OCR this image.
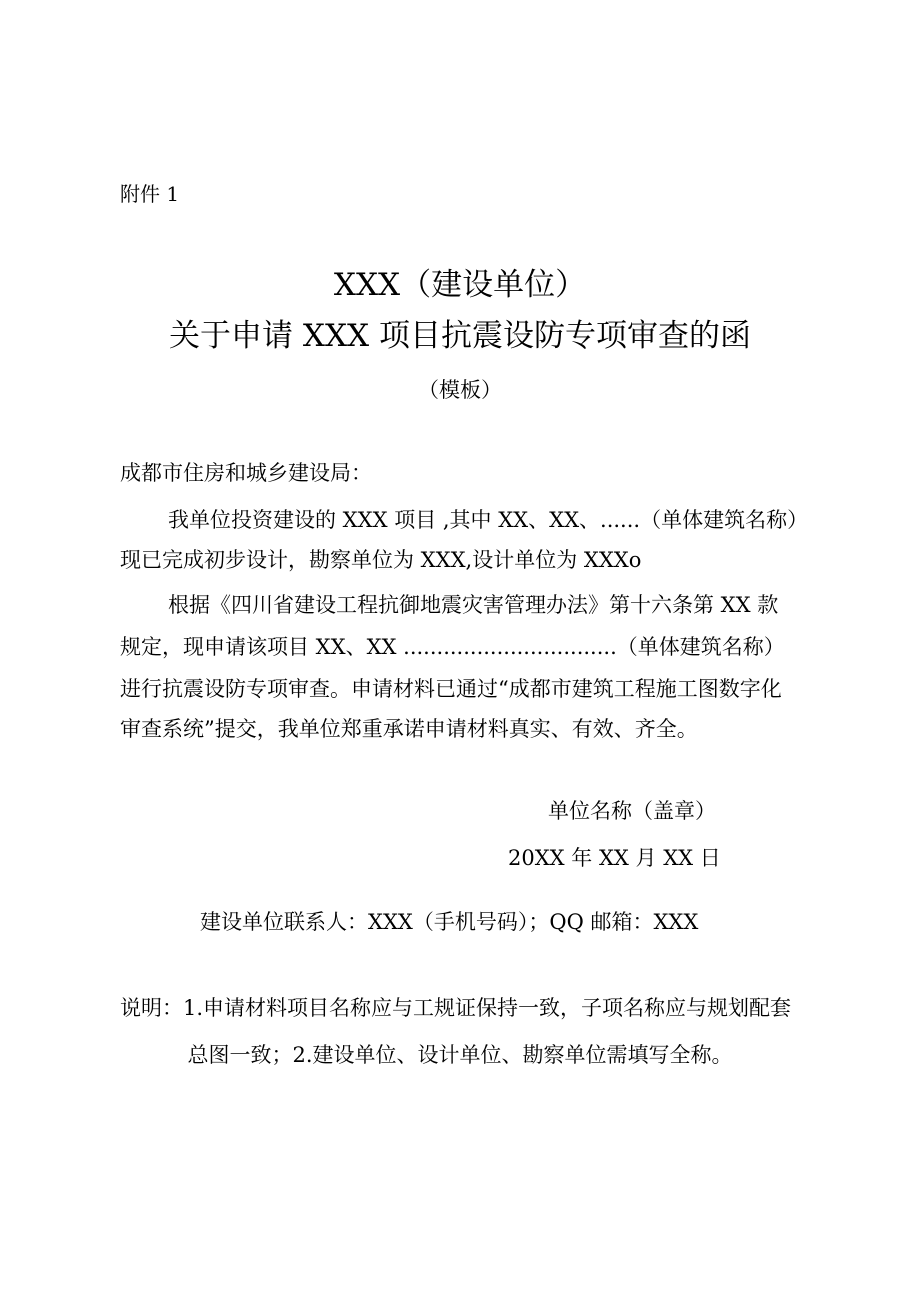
附件 1
XXX（建设单位）
关于申请 XXX 项目抗震设防专项审查的函
（模板）
成都市住房和城乡建设局：
我单位投资建设的 XXX 项目 ,其中 XX、XX、......（单体建筑名称）
现已完成初步设计，勘察单位为 XXX,设计单位为 XXXo
根据《四川省建设工程抗御地震灾害管理办法》第十六条第 XX 款
规定，现申请该项目 XX、XX ................................（单体建筑名称）
进行抗震设防专项审查。申请材料已通过“成都市建筑工程施工图数字化
审查系统”提交，我单位郑重承诺申请材料真实、有效、齐全。
单位名称（盖章）
20XX 年 XX 月 XX 日
建设单位联系人：XXX（手机号码）；QQ 邮箱：XXX
说明：1.申请材料项目名称应与工规证保持一致，子项名称应与规划配套
总图一致；2.建设单位、设计单位、勘察单位需填写全称。
